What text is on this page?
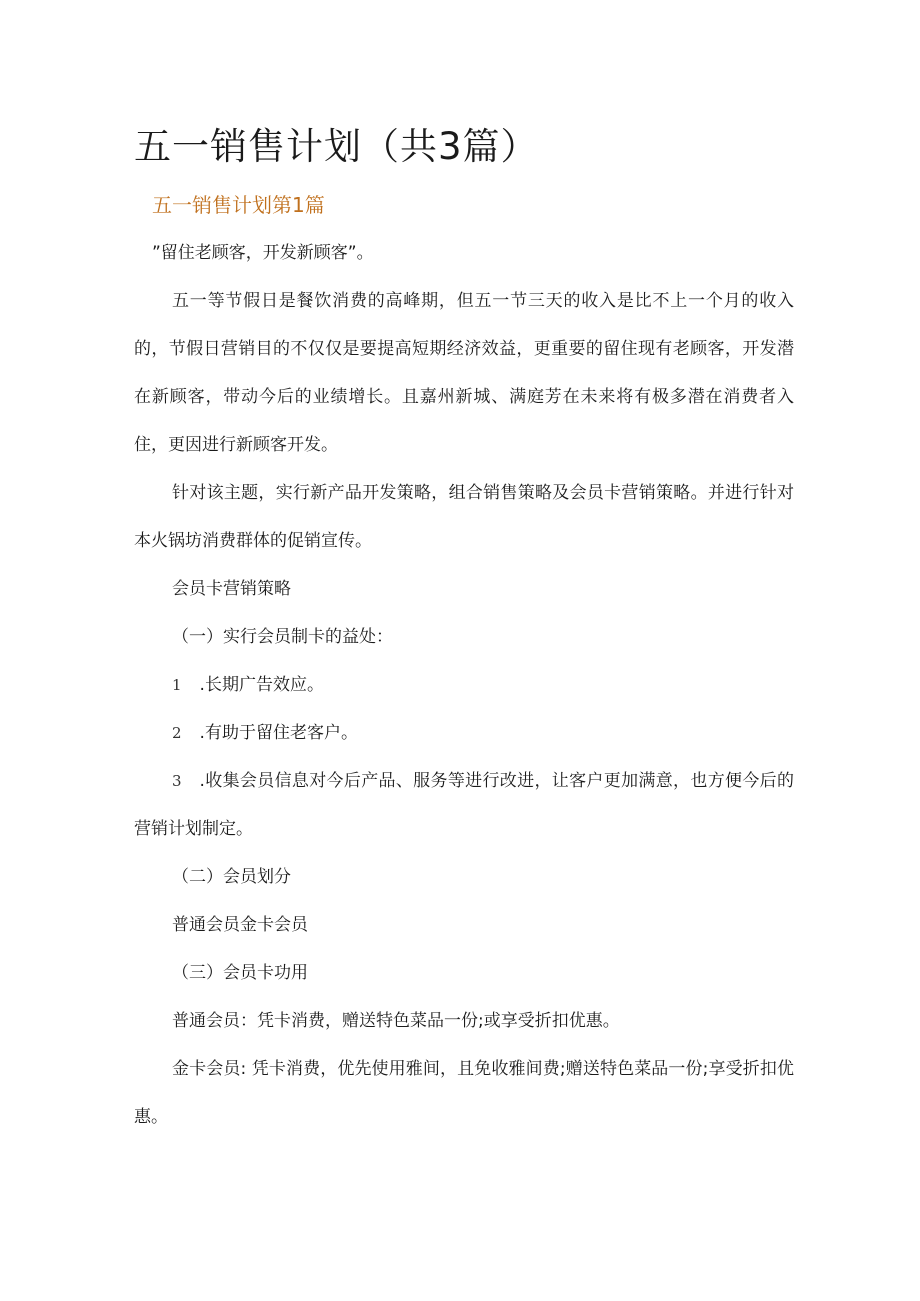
五一销售计划（共3篇）
五一销售计划第1篇

”留住老顾客，开发新顾客”。

五一等节假日是餐饮消费的高峰期，但五一节三天的收入是比不上一个月的收入的，节假日营销目的不仅仅是要提高短期经济效益，更重要的留住现有老顾客，开发潜在新顾客，带动今后的业绩增长。且嘉州新城、满庭芳在未来将有极多潜在消费者入住，更因进行新顾客开发。

针对该主题，实行新产品开发策略，组合销售策略及会员卡营销策略。并进行针对本火锅坊消费群体的促销宣传。

会员卡营销策略

（一）实行会员制卡的益处：

1 .长期广告效应。

2 .有助于留住老客户。

3 .收集会员信息对今后产品、服务等进行改进，让客户更加满意，也方便今后的营销计划制定。

（二）会员划分

普通会员金卡会员

（三）会员卡功用

普通会员：凭卡消费，赠送特色菜品一份;或享受折扣优惠。

金卡会员: 凭卡消费，优先使用雅间，且免收雅间费;赠送特色菜品一份;享受折扣优惠。
